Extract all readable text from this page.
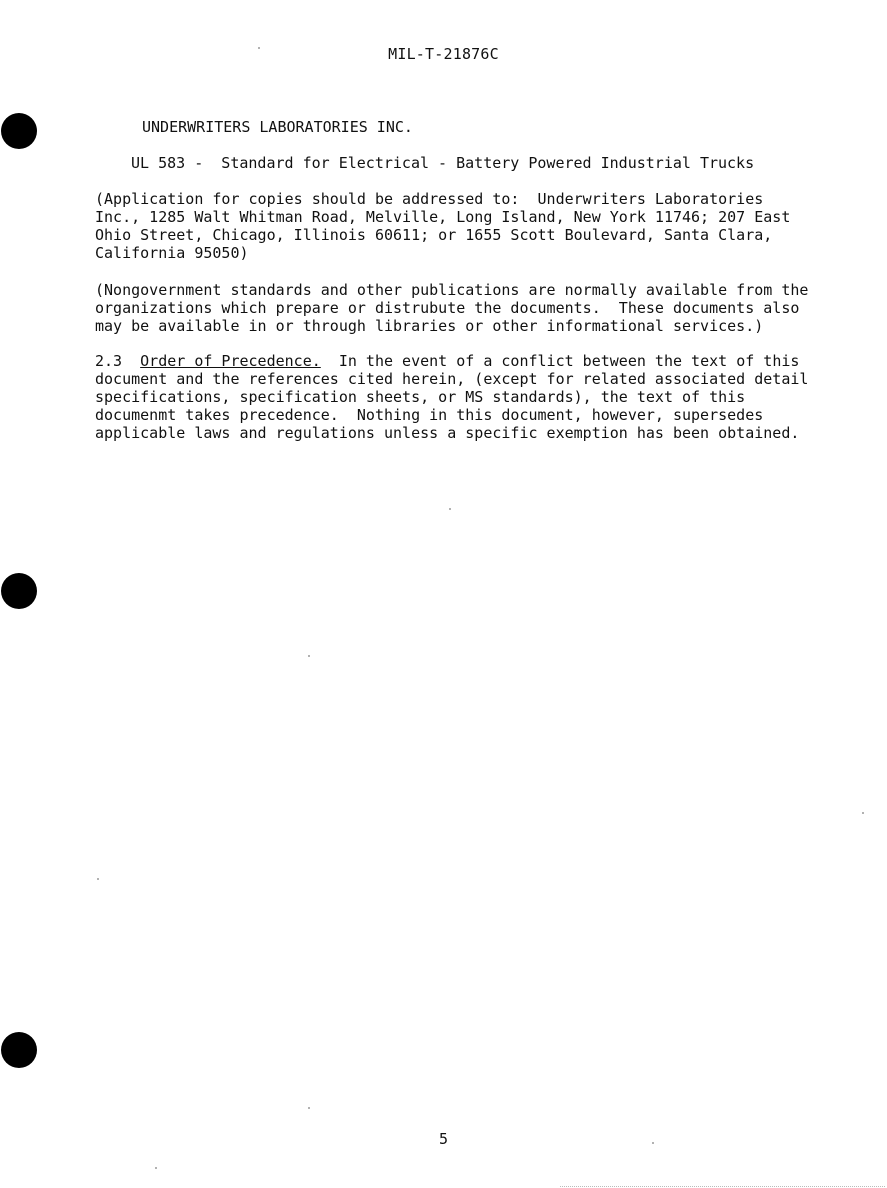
MIL-T-21876C
UNDERWRITERS LABORATORIES INC.
UL 583 -  Standard for Electrical - Battery Powered Industrial Trucks
(Application for copies should be addressed to:  Underwriters Laboratories
Inc., 1285 Walt Whitman Road, Melville, Long Island, New York 11746; 207 East
Ohio Street, Chicago, Illinois 60611; or 1655 Scott Boulevard, Santa Clara,
California 95050)
(Nongovernment standards and other publications are normally available from the
organizations which prepare or distrubute the documents.  These documents also
may be available in or through libraries or other informational services.)
2.3 Order of Precedence.  In the event of a conflict between the text of this
document and the references cited herein, (except for related associated detail
specifications, specification sheets, or MS standards), the text of this
documenmt takes precedence.  Nothing in this document, however, supersedes
applicable laws and regulations unless a specific exemption has been obtained.
5
